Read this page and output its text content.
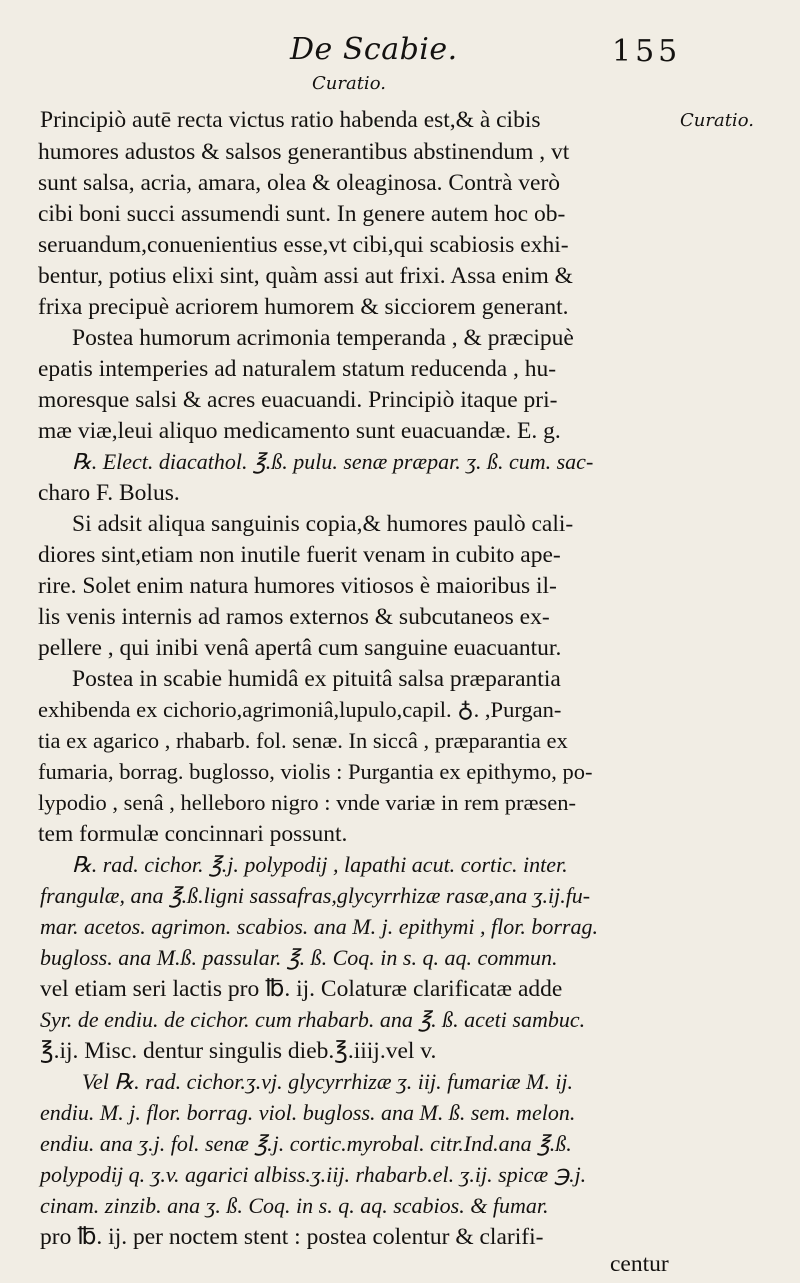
De Scabie.	155
Curatio.
Curatio.
Principiò autē recta victus ratio habenda est,& à cibis
humores adustos & salsos generantibus abstinendum , vt
sunt salsa, acria, amara, olea & oleaginosa. Contrà verò
cibi boni succi assumendi sunt. In genere autem hoc ob-
seruandum,conuenientius esse,vt cibi,qui scabiosis exhi-
bentur, potius elixi sint, quàm assi aut frixi. Assa enim &
frixa precipuè acriorem humorem & sicciorem generant.
Postea humorum acrimonia temperanda , & præcipuè
epatis intemperies ad naturalem statum reducenda , hu-
moresque salsi & acres euacuandi. Principiò itaque pri-
mæ viæ,leui aliquo medicamento sunt euacuandæ. E. g.
℞. Elect. diacathol. ℥.ß. pulu. senæ præpar. ʒ. ß. cum. sac-
charo F. Bolus.
Si adsit aliqua sanguinis copia,& humores paulò cali-
diores sint,etiam non inutile fuerit venam in cubito ape-
rire. Solet enim natura humores vitiosos è maioribus il-
lis venis internis ad ramos externos & subcutaneos ex-
pellere , qui inibi venâ apertâ cum sanguine euacuantur.
Postea in scabie humidâ ex pituitâ salsa præparantia
exhibenda ex cichorio,agrimoniâ,lupulo,capil. ♁. ,Purgan-
tia ex agarico , rhabarb. fol. senæ. In siccâ , præparantia ex
fumaria, borrag. buglosso, violis : Purgantia ex epithymo, po-
lypodio , senâ , helleboro nigro : vnde variæ in rem præsen-
tem formulæ concinnari possunt.
℞. rad. cichor. ℥.j. polypodij , lapathi acut. cortic. inter.
frangulæ, ana ℥.ß.ligni sassafras,glycyrrhizæ rasæ,ana ʒ.ij.fu-
mar. acetos. agrimon. scabios. ana M. j. epithymi , flor. borrag.
bugloss. ana M.ß. passular. ℥. ß. Coq. in s. q. aq. commun.
vel etiam seri lactis pro ℔. ij. Colaturæ clarificatæ adde
Syr. de endiu. de cichor. cum rhabarb. ana ℥. ß. aceti sambuc.
℥.ij. Misc. dentur singulis dieb.℥.iiij.vel v.
Vel ℞. rad. cichor.ʒ.vj. glycyrrhizæ ʒ. iij. fumariæ M. ij.
endiu. M. j. flor. borrag. viol. bugloss. ana M. ß. sem. melon.
endiu. ana ʒ.j. fol. senæ ℥.j. cortic.myrobal. citr.Ind.ana ℥.ß.
polypodij q. ʒ.v. agarici albiss.ʒ.iij. rhabarb.el. ʒ.ij. spicæ ℈.j.
cinam. zinzib. ana ʒ. ß. Coq. in s. q. aq. scabios. & fumar.
pro ℔. ij. per noctem stent : postea colentur & clarifi-
centur
